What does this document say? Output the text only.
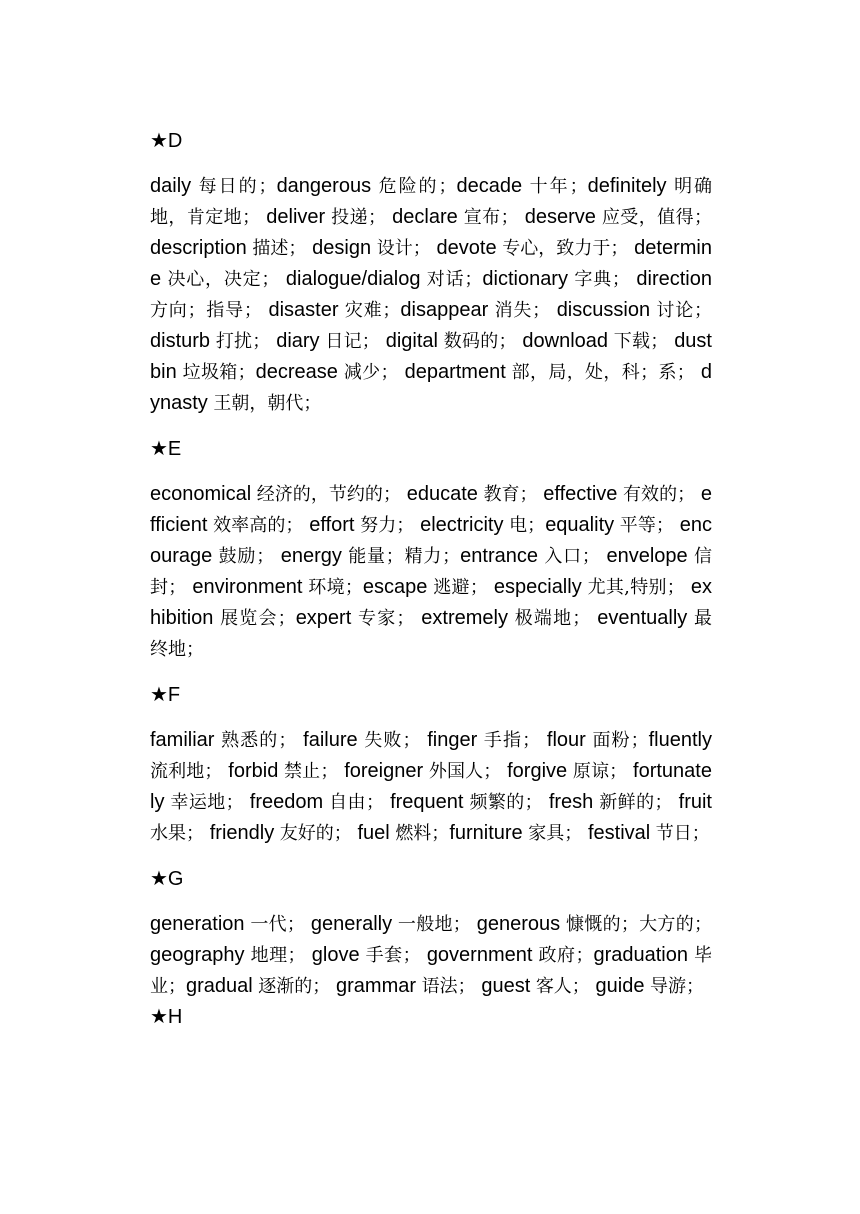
★D

daily 每日的；dangerous 危险的；decade 十年；definitely 明确地，肯定地； deliver 投递； declare 宣布； deserve 应受，值得； description 描述； design 设计； devote 专心，致力于； determine 决心，决定； dialogue/dialog 对话；dictionary 字典； direction 方向；指导； disaster 灾难；disappear 消失； discussion 讨论； disturb 打扰； diary 日记； digital 数码的； download 下载； dustbin 垃圾箱；decrease 减少； department 部，局，处，科；系； dynasty 王朝，朝代；

★E

economical 经济的，节约的； educate 教育； effective 有效的； efficient 效率高的； effort 努力； electricity 电；equality 平等； encourage 鼓励； energy 能量；精力；entrance 入口； envelope 信封； environment 环境；escape 逃避； especially 尤其,特别； exhibition 展览会；expert 专家； extremely 极端地； eventually 最终地；

★F

familiar 熟悉的； failure 失败； finger 手指； flour 面粉；fluently 流利地； forbid 禁止； foreigner 外国人； forgive 原谅； fortunately 幸运地； freedom 自由； frequent 频繁的； fresh 新鲜的； fruit 水果； friendly 友好的； fuel 燃料；furniture 家具； festival 节日；

★G

generation 一代； generally 一般地； generous 慷慨的；大方的； geography 地理； glove 手套； government 政府；graduation 毕业；gradual 逐渐的； grammar 语法； guest 客人； guide 导游；

★H
